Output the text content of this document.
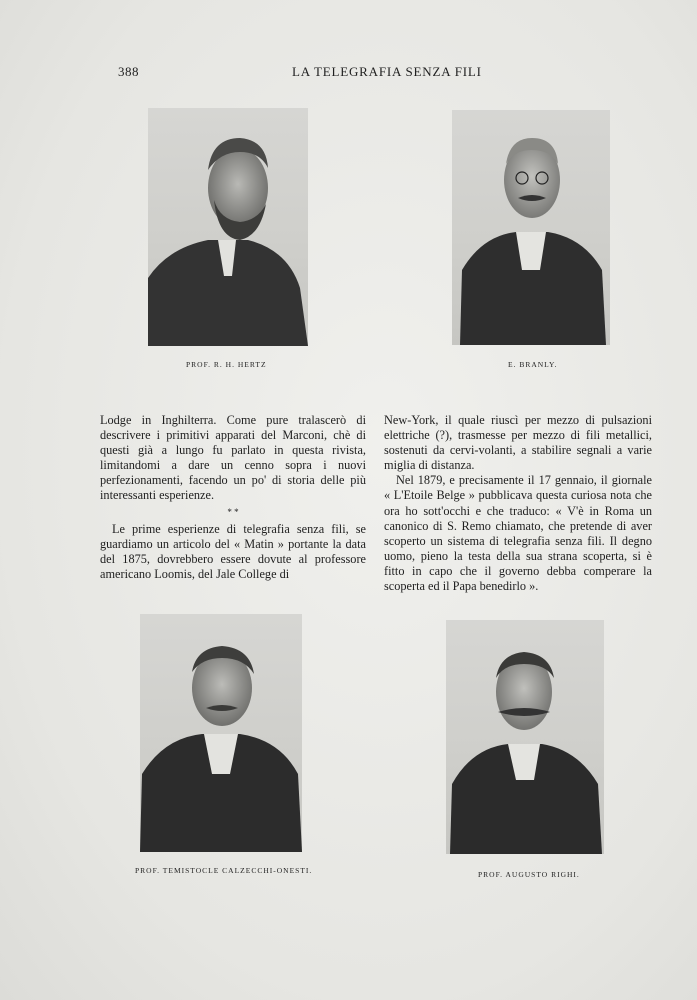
388	LA TELEGRAFIA SENZA FILI
PROF. R. H. HERTZ	E. BRANLY.

Lodge in Inghilterra. Come pure tralascerò di descrivere i primitivi apparati del Marconi, chè di questi già a lungo fu parlato in questa rivista, limitandomi a dare un cenno sopra i nuovi perfezionamenti, facendo un po' di storia delle più interessanti esperienze.

* *

Le prime esperienze di telegrafia senza fili, se guardiamo un articolo del « Matin » portante la data del 1875, dovrebbero essere dovute al professore americano Loomis, del Jale College di

New-York, il quale riuscì per mezzo di pulsazioni elettriche (?), trasmesse per mezzo di fili metallici, sostenuti da cervi-volanti, a stabilire segnali a varie miglia di distanza.

Nel 1879, e precisamente il 17 gennaio, il giornale « L'Etoile Belge » pubblicava questa curiosa nota che ora ho sott'occhi e che traduco: « V'è in Roma un canonico di S. Remo chiamato, che pretende di aver scoperto un sistema di telegrafia senza fili. Il degno uomo, pieno la testa della sua strana scoperta, si è fitto in capo che il governo debba comperare la scoperta ed il Papa benedirlo ».

PROF. TEMISTOCLE CALZECCHI-ONESTI.	PROF. AUGUSTO RIGHI.
